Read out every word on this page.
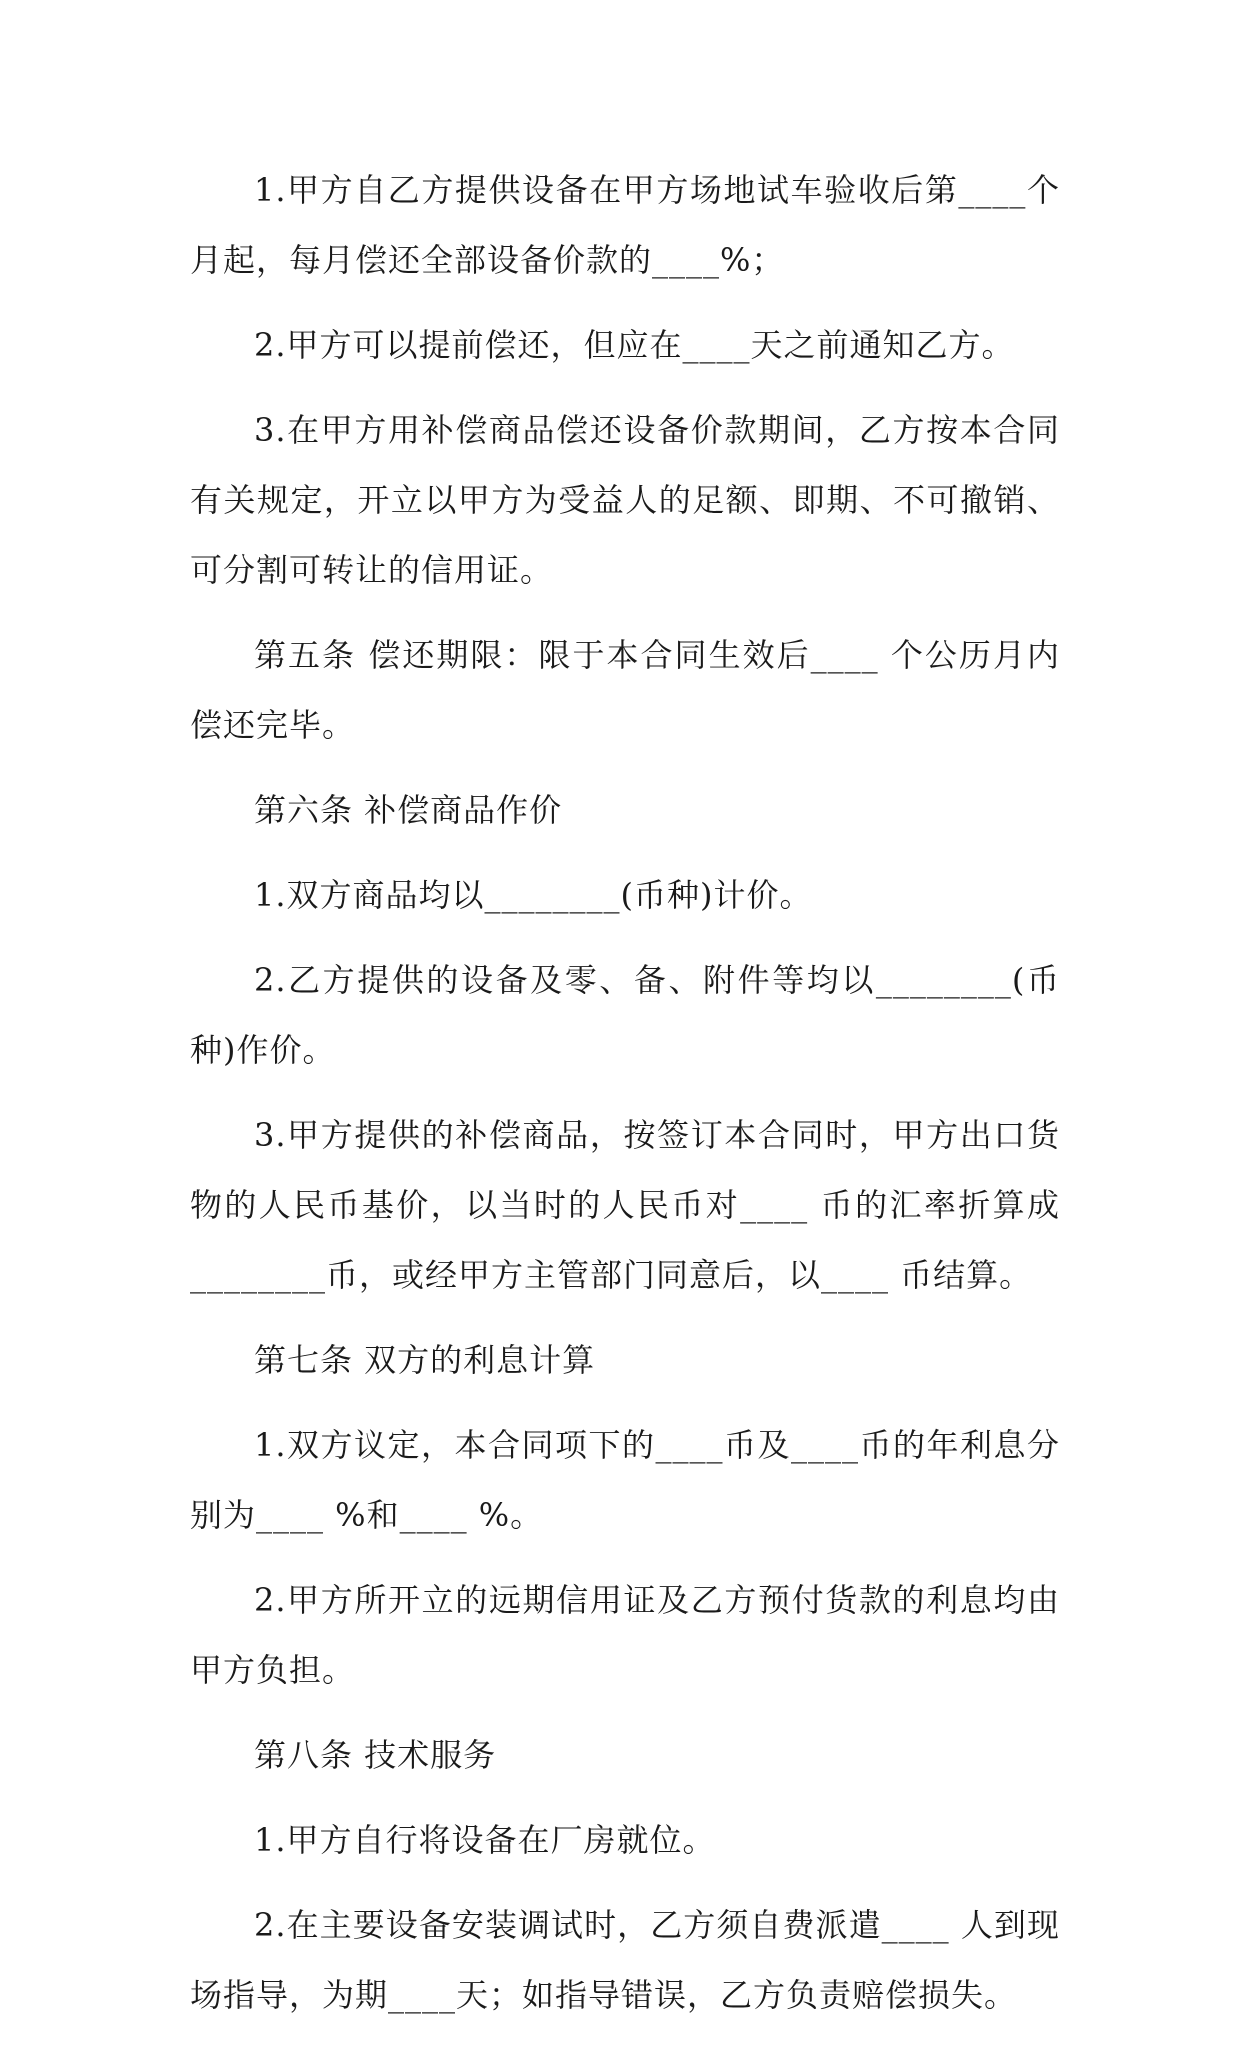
1.甲方自乙方提供设备在甲方场地试车验收后第____个月起，每月偿还全部设备价款的____%；

2.甲方可以提前偿还，但应在____天之前通知乙方。

3.在甲方用补偿商品偿还设备价款期间，乙方按本合同有关规定，开立以甲方为受益人的足额、即期、不可撤销、可分割可转让的信用证。

第五条 偿还期限：限于本合同生效后____ 个公历月内偿还完毕。

第六条 补偿商品作价

1.双方商品均以________(币种)计价。

2.乙方提供的设备及零、备、附件等均以________(币种)作价。

3.甲方提供的补偿商品，按签订本合同时，甲方出口货物的人民币基价，以当时的人民币对____ 币的汇率折算成________币，或经甲方主管部门同意后，以____ 币结算。

第七条 双方的利息计算

1.双方议定，本合同项下的____币及____币的年利息分别为____ %和____ %。

2.甲方所开立的远期信用证及乙方预付货款的利息均由甲方负担。

第八条 技术服务

1.甲方自行将设备在厂房就位。

2.在主要设备安装调试时，乙方须自费派遣____ 人到现场指导，为期____天；如指导错误，乙方负责赔偿损失。
